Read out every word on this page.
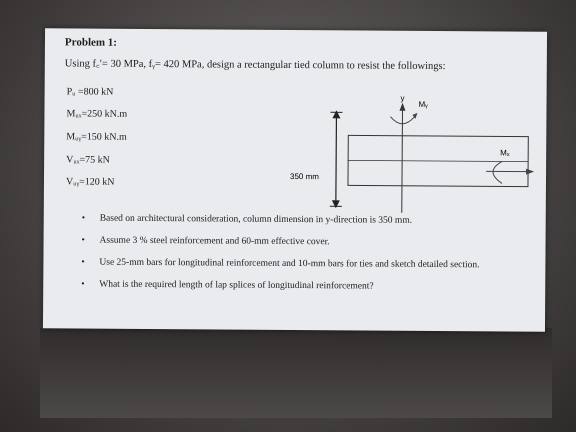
Problem 1:
Using f꜀′= 30 MPa, fᵧ= 420 MPa, design a rectangular tied column to resist the followings:
Pᵤ =800 kN
Mᵤₓ=250 kN.m
Mᵤᵧ=150 kN.m
Vᵤₓ=75 kN
Vᵤᵧ=120 kN	350 mm
y
Mᵧ
Mₓ
• Based on architectural consideration, column dimension in y-direction is 350 mm.
• Assume 3 % steel reinforcement and 60-mm effective cover.
• Use 25-mm bars for longitudinal reinforcement and 10-mm bars for ties and sketch detailed section.
• What is the required length of lap splices of longitudinal reinforcement?
